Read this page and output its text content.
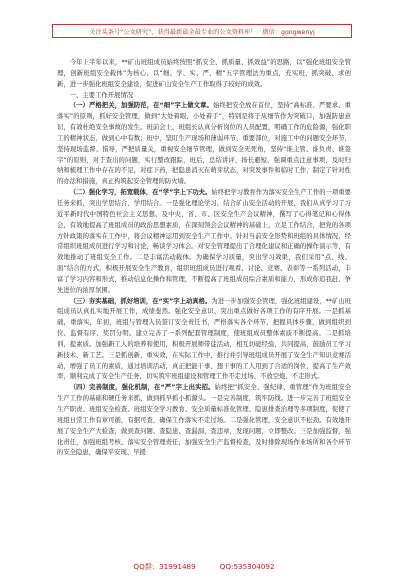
关注头条号“公文研究”，获得最新最全最专业的公文资料库！ 微信：gongwenyj

今年上半年以来，**矿山班组成员始终按照“抓安全、抓质量、抓效益”的思路，以“强化班组安全管理，创新班组安全载体”为核心，以“细、学、实、严、精”五字管理法为重点，充实班、抓突破、求创新，进一步强化班组安全建设，促进矿山安全生产工作取得了较好的成效。

一、主要工作开展情况

（一）严格把关，加强防范，在“细”字上做文章。始终把安全放在首位，坚持“高标准、严要求、重落实”的原则，抓好安全管理，做到“大处着眼，小处着手”，特别是将于从细节作为突破口，加强防患意识，有效杜绝安全事故的发生。班前会上，班组长认真分析岗位的人员配置，明确工作的危险源，强化职工的精神状态，做到心中有数；班中，坚盯生产现场和薄弱环节、重要部位，对施工中的问题安全环节，坚持现场监督、指导，严把质量关，重视安全细节管理，做到安全无死角，坚持“谁主管、谁负责、谁签字”的原则，对于查出的问题，实行整改跟踪，班后，总结讲评，扬长避短，强调重点注意事项，及时归纳和梳理工作中存在的不足，对症下药，把隐患消灭在萌芽状态，对突发事件和临时工作，制定了针对性的办法和措施，真正构筑起安全管理的防火墙。

（二）强化学习，拓宽载体，在“学”字上下功夫。始终把学习教育作为落实安全生产工作的一项重要任务来抓，突出学思结合、学用结合。一是强化理论学习，结合矿山安全活动的开展，我们从真学习了习近平新时代中国特色社会主义思想、及中央、省、市、区安全生产会议精神，撰写了心得笔记和心得体会，有效地提高了班组成员的政治思想素质，在深刻领会会议精神的基础上，立足工作结合，把党的各项方针政策的落实在工作中，将会议精神运用到安全生产工作中。针对当前安全形势和班组的具体情况，经常组织班组成员进行学习和讨论，畅谈学习体会。对安全管理提出了合理化建议和正确的操作演示等，有效地推动了班组安全工作。二是丰富活动载体。为确保学习质量，突出学习效果，我们采用“点、线、面”结合的方式，积极开展安全生产教育，组织班组成员进行观看、讨论、竞赛、表彰等一系列活动，丰富了学习内容和形式，推动信息化操作和管理，不断提高了班组成员综合素质和能力，形成你追我赶、争先进位的浓厚氛围。

（三）夯实基础，抓好培训，在“实”字上动真格。为进一步加强安全管理，强化班组建设，**矿山班组成员认真扎实地开展工作，成绩斐然。强化安全意识、突出重点做好各项工作的有序开展。一是抓基础，重落实，年初，班组与管理人员签订安全责任书，严格落实各个环节，把握具体步骤，做到组织到位、监督有序、奖罚分明。建立完善了一系列配套管理制度，使班组成员整体素质不断提高。二是抓培训，提素质。加强新工人的培养和使用，积极开展师带徒活动，相互切磋经验，共同提高，鼓励员工学习新技术、新工艺。三是抓创新，重实效，在实际工作中，推行并引导班组成员开展了安全生产知识竞赛活动，增强了员工的素质，通过培训活动，真正把能干事、想干事的工人用到了合适的岗位，提高了生产效率，顺利完成了安全生产任务，切实筑牢班组建设和管理工作不走过场、不放空炮、不走形式。

（四）完善制度，强化机制，在“严”字上出实招。始终把“抓安全、强纪律、重管理”作为班组安全生产工作的基础和硬任务来抓，做到抓早抓小抓源头。一是完善制度，筑牢防线。进一步完善了班组安全生产职责、班组安全检查、班组安全学习教育、安全质量标准化管理、隐患排查治理等多项制度，促使了班组日常工作有章可循，有据可查，确保工作落实不走过场。二是强化管理，安全意识不松劲。有效地开展了安全生产大检查，做到查问题、查隐患、查漏洞、查违章，发现问题，立即整改。三是加强监督，强化责任，加强班组考核、落实安全管理责任，加强安全生产监督检查，及时排除现场作业场所和各个环节的安全隐患，确保平安现、早援

QQ群：31991489	QQ:535304092
